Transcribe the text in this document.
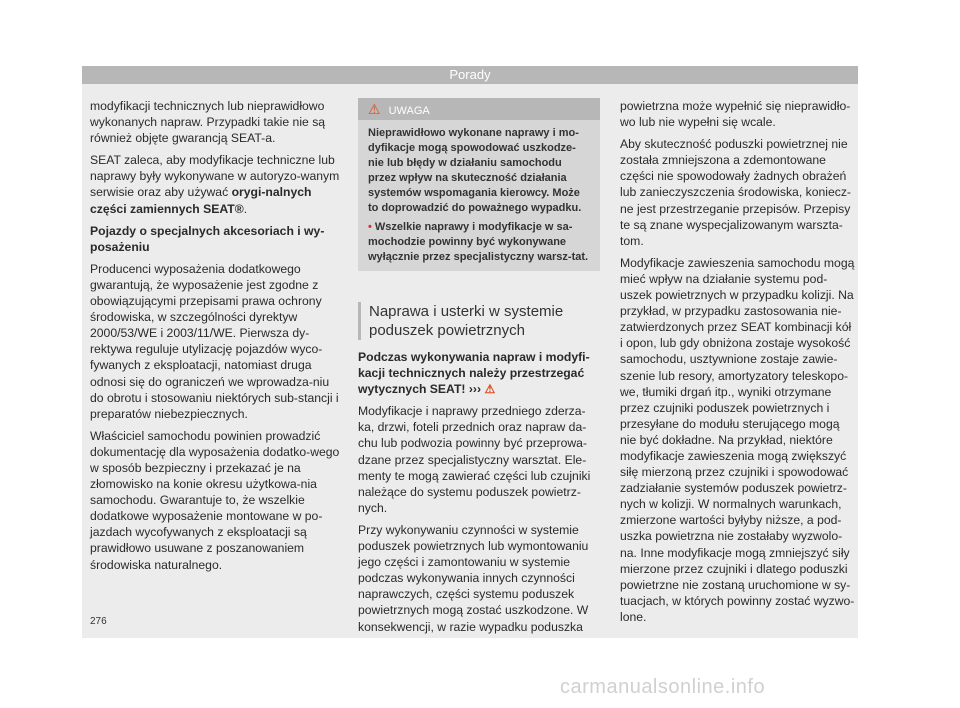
Porady

modyfikacji technicznych lub nieprawidłowo wykonanych napraw. Przypadki takie nie są również objęte gwarancją SEAT-a.

SEAT zaleca, aby modyfikacje techniczne lub naprawy były wykonywane w autoryzo-wanym serwisie oraz aby używać orygi-nalnych części zamiennych SEAT®.

Pojazdy o specjalnych akcesoriach i wy-posażeniu

Producenci wyposażenia dodatkowego gwarantują, że wyposażenie jest zgodne z obowiązującymi przepisami prawa ochrony środowiska, w szczególności dyrektyw 2000/53/WE i 2003/11/WE. Pierwsza dy-rektywa reguluje utylizację pojazdów wyco-fywanych z eksploatacji, natomiast druga odnosi się do ograniczeń we wprowadza-niu do obrotu i stosowaniu niektórych sub-stancji i preparatów niebezpiecznych.

Właściciel samochodu powinien prowadzić dokumentację dla wyposażenia dodatko-wego w sposób bezpieczny i przekazać je na złomowisko na konie okresu użytkowa-nia samochodu. Gwarantuje to, że wszelkie dodatkowe wyposażenie montowane w po-jazdach wycofywanych z eksploatacji są prawidłowo usuwane z poszanowaniem środowiska naturalnego.

⚠ UWAGA

Nieprawidłowo wykonane naprawy i mo-dyfikacje mogą spowodować uszkodze-nie lub błędy w działaniu samochodu przez wpływ na skuteczność działania systemów wspomagania kierowcy. Może to doprowadzić do poważnego wypadku.

• Wszelkie naprawy i modyfikacje w sa-mochodzie powinny być wykonywane wyłącznie przez specjalistyczny warsz-tat.

Naprawa i usterki w systemie poduszek powietrznych

Podczas wykonywania napraw i modyfi-kacji technicznych należy przestrzegać wytycznych SEAT! ››› ⚠

Modyfikacje i naprawy przedniego zderza-ka, drzwi, foteli przednich oraz napraw da-chu lub podwozia powinny być przeprowa-dzane przez specjalistyczny warsztat. Ele-menty te mogą zawierać części lub czujniki należące do systemu poduszek powietrz-nych.

Przy wykonywaniu czynności w systemie poduszek powietrznych lub wymontowaniu jego części i zamontowaniu w systemie podczas wykonywania innych czynności naprawczych, części systemu poduszek powietrznych mogą zostać uszkodzone. W konsekwencji, w razie wypadku poduszka

powietrzna może wypełnić się nieprawidło-wo lub nie wypełni się wcale.

Aby skuteczność poduszki powietrznej nie została zmniejszona a zdemontowane części nie spowodowały żadnych obrażeń lub zanieczyszczenia środowiska, koniecz-ne jest przestrzeganie przepisów. Przepisy te są znane wyspecjalizowanym warszta-tom.

Modyfikacje zawieszenia samochodu mogą mieć wpływ na działanie systemu pod-uszek powietrznych w przypadku kolizji. Na przykład, w przypadku zastosowania nie-zatwierdzonych przez SEAT kombinacji kół i opon, lub gdy obniżona zostaje wysokość samochodu, usztywnione zostaje zawie-szenie lub resory, amortyzatory teleskopo-we, tłumiki drgań itp., wyniki otrzymane przez czujniki poduszek powietrznych i przesyłane do modułu sterującego mogą nie być dokładne. Na przykład, niektóre modyfikacje zawieszenia mogą zwiększyć siłę mierzoną przez czujniki i spowodować zadziałanie systemów poduszek powietrz-nych w kolizji. W normalnych warunkach, zmierzone wartości byłyby niższe, a pod-uszka powietrzna nie zostałaby wyzwolo-na. Inne modyfikacje mogą zmniejszyć siły mierzone przez czujniki i dlatego poduszki powietrzne nie zostaną uruchomione w sy-tuacjach, w których powinny zostać wyzwo-lone.

276
carmanualsonline.info
